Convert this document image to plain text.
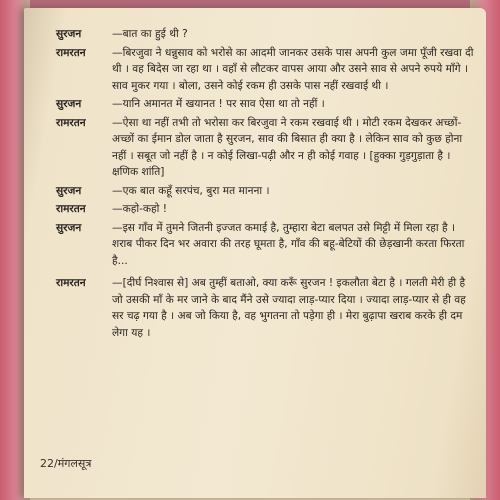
सुरजन	—बात का हुई थी ?
रामरतन	—बिरजुवा ने धन्नुसाव को भरोसे का आदमी जानकर उसके पास अपनी कुल जमा पूँजी रखवा दी थी । वह बिदेस जा रहा था । वहाँ से लौटकर वापस आया और उसने साव से अपने रुपये माँगे । साव मुकर गया । बोला, उसने कोई रकम ही उसके पास नहीं रखवाई थी ।
सुरजन	—यानि अमानत में खयानत ! पर साव ऐसा था तो नहीं ।
रामरतन	—ऐसा था नहीं तभी तो भरोसा कर बिरजुवा ने रकम रखवाई थी । मोटी रकम देखकर अच्छों-अच्छों का ईमान डोल जाता है सुरजन, साव की बिसात ही क्या है । लेकिन साव को कुछ होना नहीं । सबूत जो नहीं है । न कोई लिखा-पढ़ी और न ही कोई गवाह । [हुक्का गुड़गुड़ाता है । क्षणिक शांति]
सुरजन	—एक बात कहूँ सरपंच, बुरा मत मानना ।
रामरतन	—कहो-कहो !
सुरजन	—इस गाँव में तुमने जितनी इज्जत कमाई है, तुम्हारा बेटा बलपत उसे मिट्टी में मिला रहा है । शराब पीकर दिन भर अवारा की तरह घूमता है, गाँव की बहू-बेटियों की छेड़खानी करता फिरता है...
रामरतन	—[दीर्घ निश्वास से] अब तुम्हीं बताओ, क्या करूँ सुरजन ! इकलौता बेटा है । गलती मेरी ही है जो उसकी माँ के मर जाने के बाद मैंने उसे ज्यादा लाड़-प्यार दिया । ज्यादा लाड़-प्यार से ही वह सर चढ़ गया है । अब जो किया है, वह भुगतना तो पड़ेगा ही । मेरा बुढ़ापा खराब करके ही दम लेगा यह ।
22/मंगलसूत्र
